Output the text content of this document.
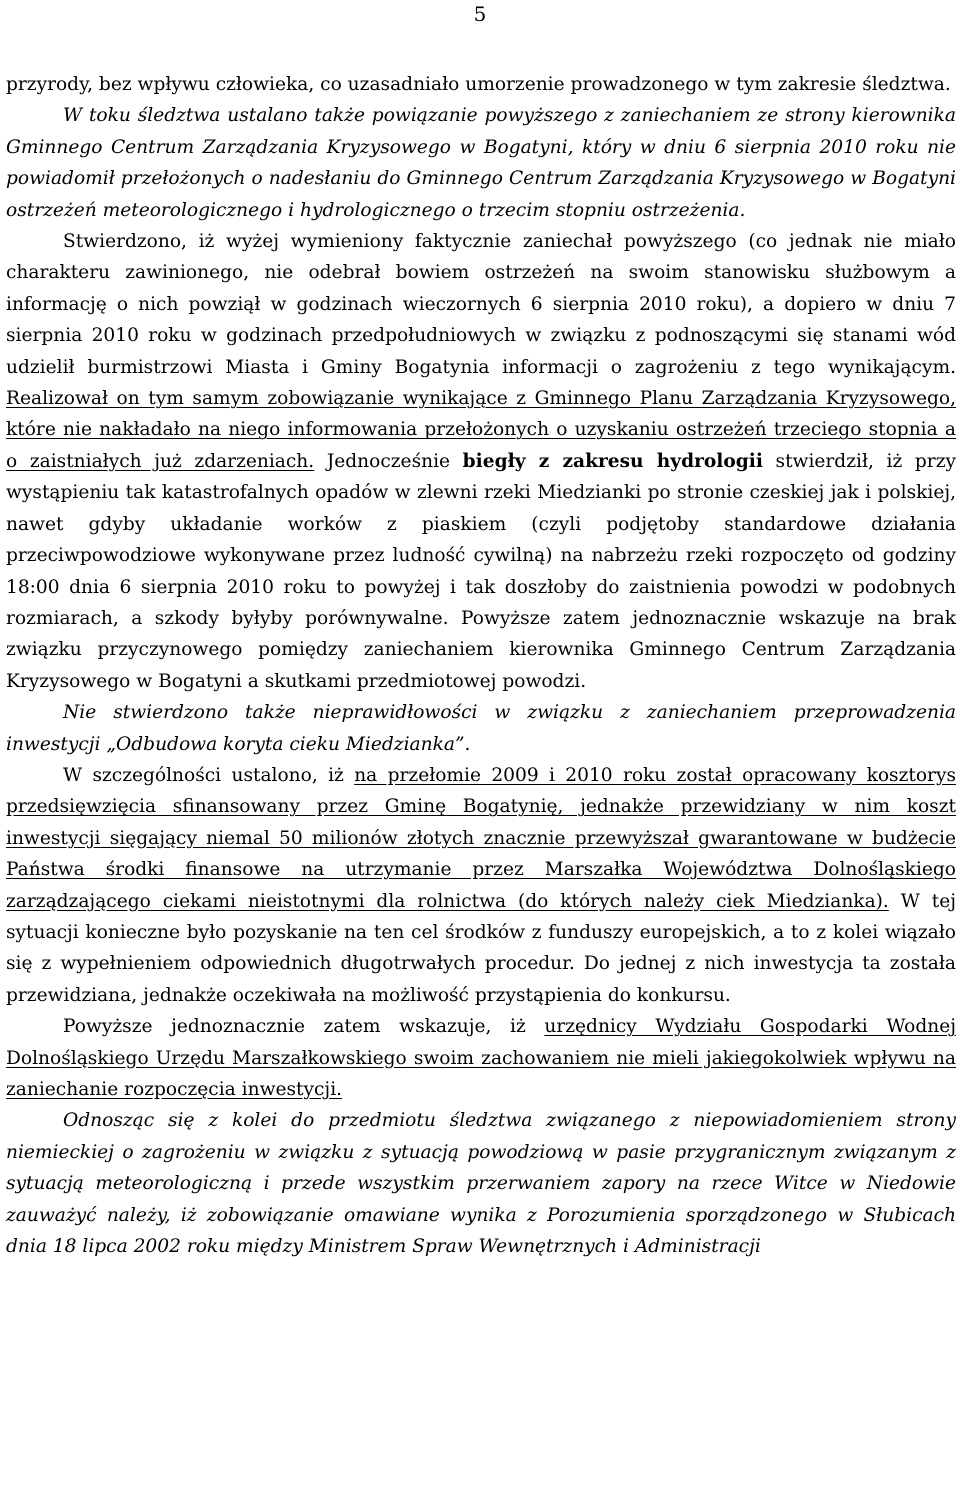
5

przyrody, bez wpływu człowieka, co uzasadniało umorzenie prowadzonego w tym zakresie śledztwa.

W toku śledztwa ustalano także powiązanie powyższego z zaniechaniem ze strony kierownika Gminnego Centrum Zarządzania Kryzysowego w Bogatyni, który w dniu 6 sierpnia 2010 roku nie powiadomił przełożonych o nadesłaniu do Gminnego Centrum Zarządzania Kryzysowego w Bogatyni ostrzeżeń meteorologicznego i hydrologicznego o trzecim stopniu ostrzeżenia.

Stwierdzono, iż wyżej wymieniony faktycznie zaniechał powyższego (co jednak nie miało charakteru zawinionego, nie odebrał bowiem ostrzeżeń na swoim stanowisku służbowym a informację o nich powziął w godzinach wieczornych 6 sierpnia 2010 roku), a dopiero w dniu 7 sierpnia 2010 roku w godzinach przedpołudniowych w związku z podnoszącymi się stanami wód udzielił burmistrzowi Miasta i Gminy Bogatynia informacji o zagrożeniu z tego wynikającym. Realizował on tym samym zobowiązanie wynikające z Gminnego Planu Zarządzania Kryzysowego, które nie nakładało na niego informowania przełożonych o uzyskaniu ostrzeżeń trzeciego stopnia a o zaistniałych już zdarzeniach. Jednocześnie biegły z zakresu hydrologii stwierdził, iż przy wystąpieniu tak katastrofalnych opadów w zlewni rzeki Miedzianki po stronie czeskiej jak i polskiej, nawet gdyby układanie worków z piaskiem (czyli podjętoby standardowe działania przeciwpowodziowe wykonywane przez ludność cywilną) na nabrzeżu rzeki rozpoczęto od godziny 18:00 dnia 6 sierpnia 2010 roku to powyżej i tak doszłoby do zaistnienia powodzi w podobnych rozmiarach, a szkody byłyby porównywalne. Powyższe zatem jednoznacznie wskazuje na brak związku przyczynowego pomiędzy zaniechaniem kierownika Gminnego Centrum Zarządzania Kryzysowego w Bogatyni a skutkami przedmiotowej powodzi.

Nie stwierdzono także nieprawidłowości w związku z zaniechaniem przeprowadzenia inwestycji „Odbudowa koryta cieku Miedzianka”.

W szczególności ustalono, iż na przełomie 2009 i 2010 roku został opracowany kosztorys przedsięwzięcia sfinansowany przez Gminę Bogatynię, jednakże przewidziany w nim koszt inwestycji sięgający niemal 50 milionów złotych znacznie przewyższał gwarantowane w budżecie Państwa środki finansowe na utrzymanie przez Marszałka Województwa Dolnośląskiego zarządzającego ciekami nieistotnymi dla rolnictwa (do których należy ciek Miedzianka). W tej sytuacji konieczne było pozyskanie na ten cel środków z funduszy europejskich, a to z kolei wiązało się z wypełnieniem odpowiednich długotrwałych procedur. Do jednej z nich inwestycja ta została przewidziana, jednakże oczekiwała na możliwość przystąpienia do konkursu.

Powyższe jednoznacznie zatem wskazuje, iż urzędnicy Wydziału Gospodarki Wodnej Dolnośląskiego Urzędu Marszałkowskiego swoim zachowaniem nie mieli jakiegokolwiek wpływu na zaniechanie rozpoczęcia inwestycji.

Odnosząc się z kolei do przedmiotu śledztwa związanego z niepowiadomieniem strony niemieckiej o zagrożeniu w związku z sytuacją powodziową w pasie przygranicznym związanym z sytuacją meteorologiczną i przede wszystkim przerwaniem zapory na rzece Witce w Niedowie zauważyć należy, iż zobowiązanie omawiane wynika z Porozumienia sporządzonego w Słubicach dnia 18 lipca 2002 roku między Ministrem Spraw Wewnętrznych i Administracji
